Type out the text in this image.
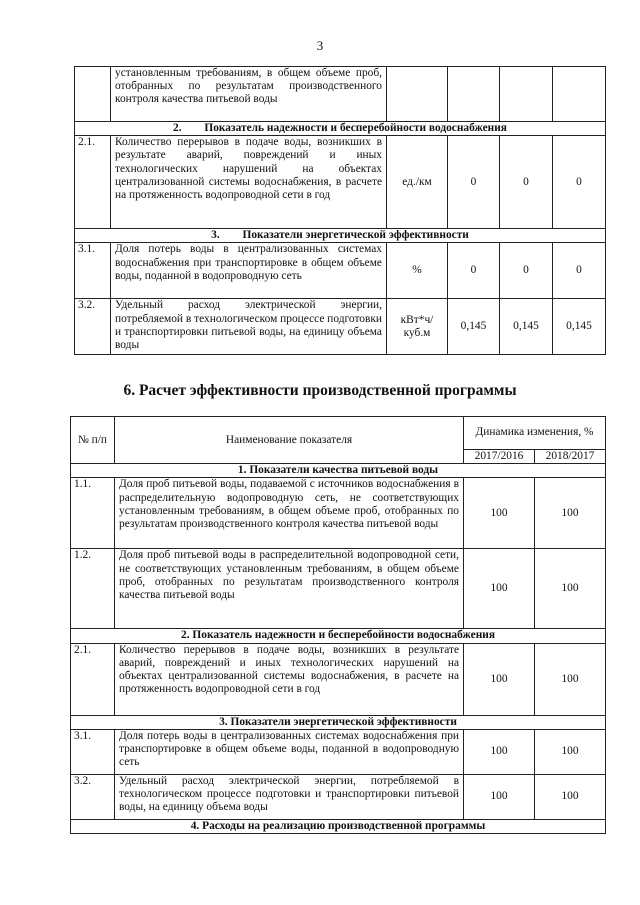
3
	установленным требованиям, в общем объеме проб, отобранных по результатам производственного контроля качества питьевой воды				
2.        Показатель надежности и бесперебойности водоснабжения					
2.1.	Количество перерывов в подаче воды, возникших в результате аварий, повреждений и иных технологических нарушений на объектах централизованной системы водоснабжения, в расчете на протяженность водопроводной сети в год	ед./км	0	0	0
3.        Показатели энергетической эффективности					
3.1.	Доля потерь воды в централизованных системах водоснабжения при транспортировке в общем объеме воды, поданной в водопроводную сеть	%	0	0	0
3.2.	Удельный расход электрической энергии, потребляемой в технологическом процессе подготовки и транспортировки питьевой воды, на единицу объема воды	кВт*ч/ куб.м	0,145	0,145	0,145
6. Расчет эффективности производственной программы
№ п/п	Наименование показателя	Динамика изменения, %	
		2017/2016	2018/2017
1. Показатели качества питьевой воды			
1.1.	Доля проб питьевой воды, подаваемой с источников водоснабжения в распределительную водопроводную сеть, не соответствующих установленным требованиям, в общем объеме проб, отобранных по результатам производственного контроля качества питьевой воды	100	100
1.2.	Доля проб питьевой воды в распределительной водопроводной сети, не соответствующих установленным требованиям, в общем объеме проб, отобранных по результатам производственного контроля качества питьевой воды	100	100
2. Показатель надежности и бесперебойности водоснабжения			
2.1.	Количество перерывов в подаче воды, возникших в результате аварий, повреждений и иных технологических нарушений на объектах централизованной системы водоснабжения, в расчете на протяженность водопроводной сети в год	100	100
3. Показатели энергетической эффективности			
3.1.	Доля потерь воды в централизованных системах водоснабжения при транспортировке в общем объеме воды, поданной в водопроводную сеть	100	100
3.2.	Удельный расход электрической энергии, потребляемой в технологическом процессе подготовки и транспортировки питьевой воды, на единицу объема воды	100	100
4. Расходы на реализацию производственной программы			
